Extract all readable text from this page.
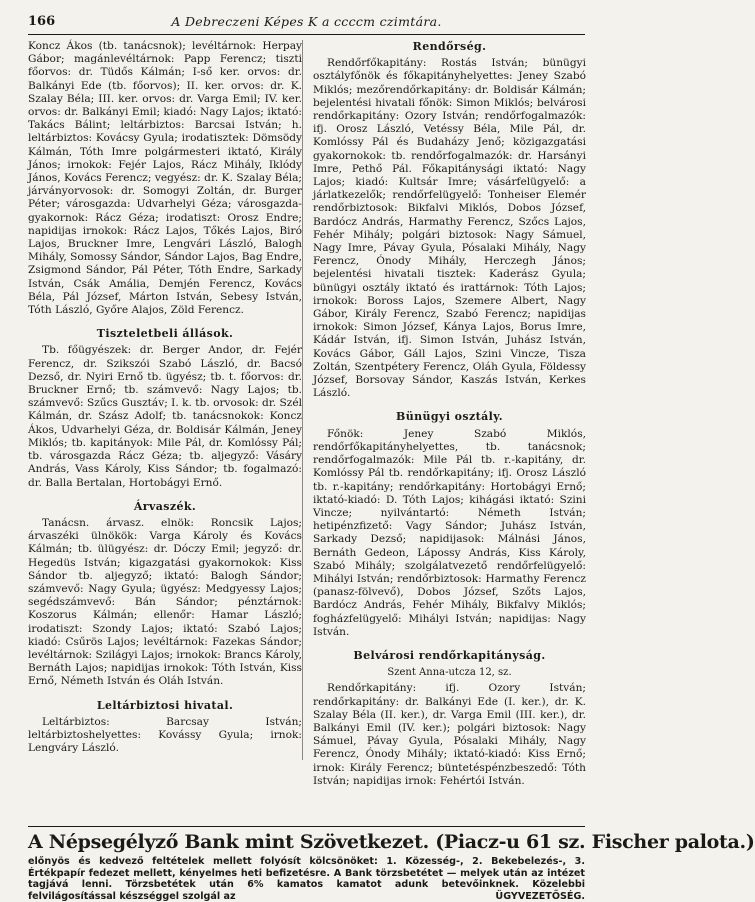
166	A Debreczeni Képes K a ccccm czimtára.

Koncz Ákos (tb. tanácsnok); levéltárnok: Herpay Gábor; magánlevéltárnok: Papp Ferencz; tiszti főorvos: dr. Tüdős Kálmán; I-ső ker. orvos: dr. Balkányi Ede (tb. főorvos); II. ker. orvos: dr. K. Szalay Béla; III. ker. orvos: dr. Varga Emil; IV. ker. orvos: dr. Balkányi Emil; kiadó: Nagy Lajos; iktató: Takács Bálint; leltárbiztos: Barcsai István; h. leltárbiztos: Kovácsy Gyula; irodatisztek: Dömsödy Kálmán, Tóth Imre polgármesteri iktató, Király János; irnokok: Fejér Lajos, Rácz Mihály, Iklódy János, Kovács Ferencz; vegyész: dr. K. Szalay Béla; járványorvosok: dr. Somogyi Zoltán, dr. Burger Péter; városgazda: Udvarhelyi Géza; városgazda-gyakornok: Rácz Géza; irodatiszt: Orosz Endre; napidijas irnokok: Rácz Lajos, Tőkés Lajos, Biró Lajos, Bruckner Imre, Lengvári László, Balogh Mihály, Somossy Sándor, Sándor Lajos, Bag Endre, Zsigmond Sándor, Pál Péter, Tóth Endre, Sarkady István, Csák Amália, Demjén Ferencz, Kovács Béla, Pál József, Márton István, Sebesy István, Tóth László, Győre Alajos, Zöld Ferencz.

Tiszteletbeli állások.

Tb. főügyészek: dr. Berger Andor, dr. Fejér Ferencz, dr. Szikszói Szabó László, dr. Bacsó Dezső, dr. Nyiri Ernő tb. ügyész; tb. t. főorvos: dr. Bruckner Ernő; tb. számvevő: Nagy Lajos; tb. számvevő: Szűcs Gusztáv; I. k. tb. orvosok: dr. Szél Kálmán, dr. Szász Adolf; tb. tanácsnokok: Koncz Ákos, Udvarhelyi Géza, dr. Boldisár Kálmán, Jeney Miklós; tb. kapitányok: Mile Pál, dr. Komlóssy Pál; tb. városgazda Rácz Géza; tb. aljegyző: Vásáry András, Vass Károly, Kiss Sándor; tb. fogalmazó: dr. Balla Bertalan, Hortobágyi Ernő.

Árvaszék.

Tanácsn. árvasz. elnök: Roncsik Lajos; árvaszéki ülnökök: Varga Károly és Kovács Kálmán; tb. ülügyész: dr. Dóczy Emil; jegyző: dr. Hegedüs István; kigazgatási gyakornokok: Kiss Sándor tb. aljegyző; iktató: Balogh Sándor; számvevő: Nagy Gyula; ügyész: Medgyessy Lajos; segédszámvevő: Bán Sándor; pénztárnok: Koszorus Kálmán; ellenőr: Hamar László; irodatiszt: Szondy Lajos; iktató: Szabó Lajos; kiadó: Csűrös Lajos; levéltárnok: Fazekas Sándor; levéltárnok: Szilágyi Lajos; irnokok: Brancs Károly, Bernáth Lajos; napidijas irnokok: Tóth István, Kiss Ernő, Németh István és Oláh István.

Leltárbiztosi hivatal.

Leltárbiztos: Barcsay István; leltárbiztoshelyettes: Kovássy Gyula; irnok: Lengváry László.

Rendőrség.

Rendőrfőkapitány: Rostás István; bünügyi osztályfőnök és főkapitányhelyettes: Jeney Szabó Miklós; mezőrendőrkapitány: dr. Boldisár Kálmán; bejelentési hivatali főnök: Simon Miklós; belvárosi rendőrkapitány: Ozory István; rendőrfogalmazók: ifj. Orosz László, Vetéssy Béla, Mile Pál, dr. Komlóssy Pál és Budaházy Jenő; közigazgatási gyakornokok: tb. rendőrfogalmazók: dr. Harsányi Imre, Pethő Pál. Főkapitánysági iktató: Nagy Lajos; kiadó: Kultsár Imre; vásárfelügyelő: a járlatkezelők; rendőrfelügyelő: Tonheiser Elemér rendőrbiztosok: Bikfalvi Miklós, Dobos József, Bardócz András, Harmathy Ferencz, Szőcs Lajos, Fehér Mihály; polgári biztosok: Nagy Sámuel, Nagy Imre, Pávay Gyula, Pósalaki Mihály, Nagy Ferencz, Ónody Mihály, Herczegh János; bejelentési hivatali tisztek: Kaderász Gyula; bünügyi osztály iktató és irattárnok: Tóth Lajos; irnokok: Boross Lajos, Szemere Albert, Nagy Gábor, Király Ferencz, Szabó Ferencz; napidijas irnokok: Simon József, Kánya Lajos, Borus Imre, Kádár István, ifj. Simon István, Juhász István, Kovács Gábor, Gáll Lajos, Szini Vincze, Tisza Zoltán, Szentpétery Ferencz, Oláh Gyula, Földessy József, Borsovay Sándor, Kaszás István, Kerkes László.

Bünügyi osztály.

Főnök: Jeney Szabó Miklós, rendőrfőkapitányhelyettes, tb. tanácsnok; rendőrfogalmazók: Mile Pál tb. r.-kapitány, dr. Komlóssy Pál tb. rendőrkapitány; ifj. Orosz László tb. r.-kapitány; rendőrkapitány: Hortobágyi Ernő; iktató-kiadó: D. Tóth Lajos; kihágási iktató: Szini Vincze; nyilvántartó: Németh István; hetipénzfizető: Vagy Sándor; Juhász István, Sarkady Dezső; napidijasok: Málnási János, Bernáth Gedeon, Lápossy András, Kiss Károly, Szabó Mihály; szolgálatvezető rendőrfelügyelő: Mihályi István; rendőrbiztosok: Harmathy Ferencz (panasz-fölvevő), Dobos József, Szőts Lajos, Bardócz András, Fehér Mihály, Bikfalvy Miklós; fogházfelügyelő: Mihályi István; napidijas: Nagy István.

Belvárosi rendőrkapitányság.
Szent Anna-utcza 12, sz.

Rendőrkapitány: ifj. Ozory István; rendőrkapitány: dr. Balkányi Ede (I. ker.), dr. K. Szalay Béla (II. ker.), dr. Varga Emil (III. ker.), dr. Balkányi Emil (IV. ker.); polgári biztosok: Nagy Sámuel, Pávay Gyula, Pósalaki Mihály, Nagy Ferencz, Ónody Mihály; iktató-kiadó: Kiss Ernő; irnok: Király Ferencz; büntetéspénzbeszedő: Tóth István; napidijas irnok: Fehértói István.

A Népsegélyző Bank mint Szövetkezet. (Piacz-u 61 sz. Fischer palota.)
előnyös és kedvező feltételek mellett folyósít kölcsönöket: 1. Közesség-, 2. Bekebelezés-, 3. Értékpapír fedezet mellett, kényelmes heti befizetésre. A Bank törzsbetétet — melyek után az intézet tagjává lenni. Törzsbetétek után 6% kamatos kamatot adunk betevőinknek. Közelebbi felvilágosítással készséggel szolgál az	ÜGYVEZETŐSÉG.
